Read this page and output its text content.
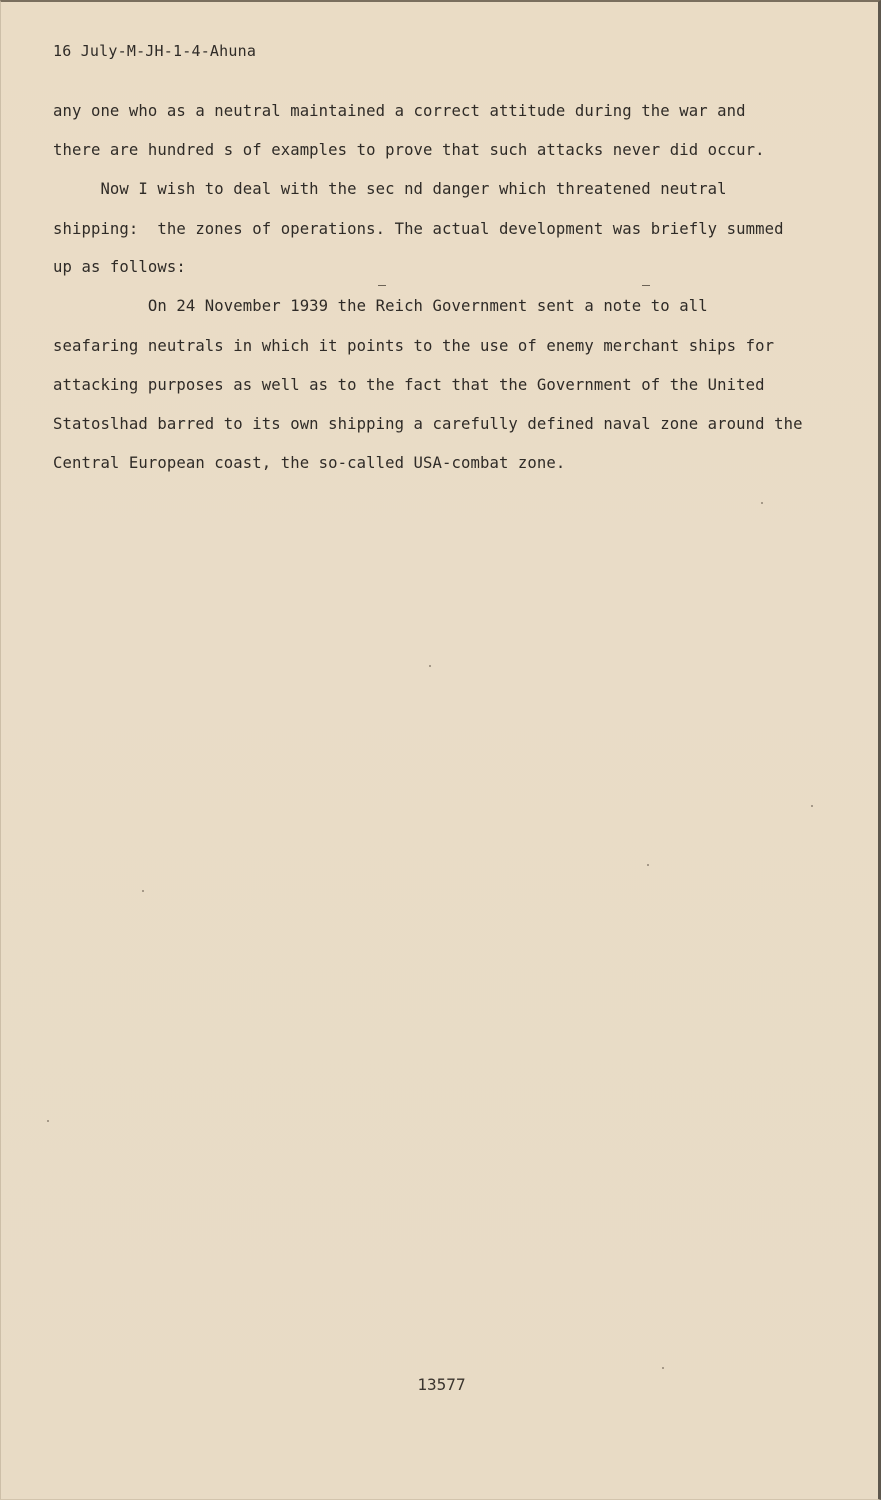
16 July-M-JH-1-4-Ahuna
any one who as a neutral maintained a correct attitude during the war and
there are hundred s of examples to prove that such attacks never did occur.
Now I wish to deal with the sec nd danger which threatened neutral
shipping:  the zones of operations. The actual development was briefly summed
up as follows:
On 24 November 1939 the Reich Government sent a note to all
seafaring neutrals in which it points to the use of enemy merchant ships for
attacking purposes as well as to the fact that the Government of the United
Statoslhad barred to its own shipping a carefully defined naval zone around the
Central European coast, the so-called USA-combat zone.
13577
